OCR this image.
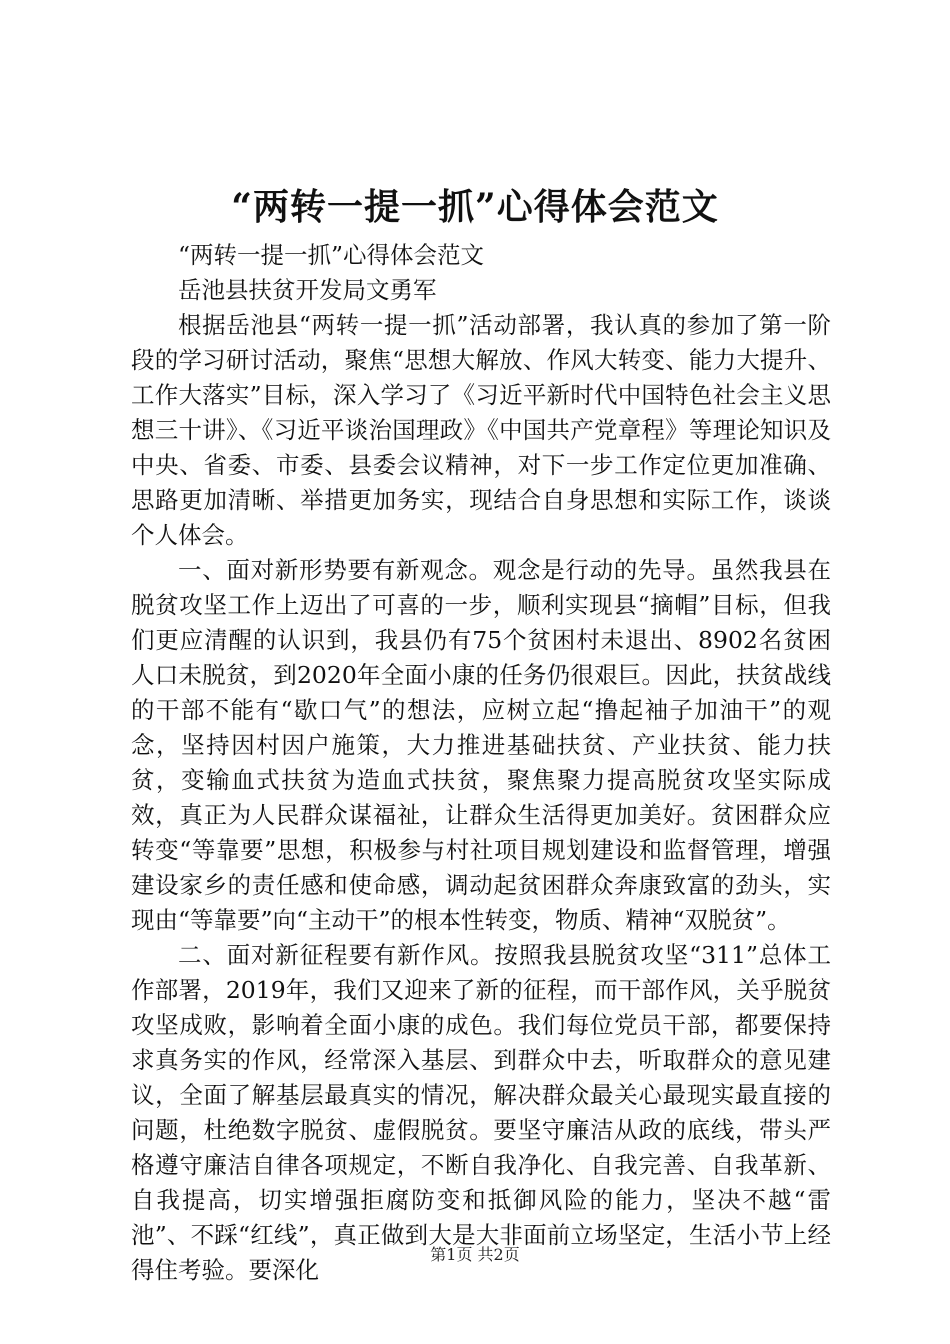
“两转一提一抓”心得体会范文

“两转一提一抓”心得体会范文

岳池县扶贫开发局文勇军

根据岳池县“两转一提一抓”活动部署，我认真的参加了第一阶段的学习研讨活动，聚焦“思想大解放、作风大转变、能力大提升、工作大落实”目标，深入学习了《习近平新时代中国特色社会主义思想三十讲》、《习近平谈治国理政》《中国共产党章程》等理论知识及中央、省委、市委、县委会议精神，对下一步工作定位更加准确、思路更加清晰、举措更加务实，现结合自身思想和实际工作，谈谈个人体会。

一、面对新形势要有新观念。观念是行动的先导。虽然我县在脱贫攻坚工作上迈出了可喜的一步，顺利实现县“摘帽”目标，但我们更应清醒的认识到，我县仍有75个贫困村未退出、8902名贫困人口未脱贫，到2020年全面小康的任务仍很艰巨。因此，扶贫战线的干部不能有“歇口气”的想法，应树立起“撸起袖子加油干”的观念，坚持因村因户施策，大力推进基础扶贫、产业扶贫、能力扶贫，变输血式扶贫为造血式扶贫，聚焦聚力提高脱贫攻坚实际成效，真正为人民群众谋福祉，让群众生活得更加美好。贫困群众应转变“等靠要”思想，积极参与村社项目规划建设和监督管理，增强建设家乡的责任感和使命感，调动起贫困群众奔康致富的劲头，实现由“等靠要”向“主动干”的根本性转变，物质、精神“双脱贫”。

二、面对新征程要有新作风。按照我县脱贫攻坚“311”总体工作部署，2019年，我们又迎来了新的征程，而干部作风，关乎脱贫攻坚成败，影响着全面小康的成色。我们每位党员干部，都要保持求真务实的作风，经常深入基层、到群众中去，听取群众的意见建议，全面了解基层最真实的情况，解决群众最关心最现实最直接的问题，杜绝数字脱贫、虚假脱贫。要坚守廉洁从政的底线，带头严格遵守廉洁自律各项规定，不断自我净化、自我完善、自我革新、自我提高，切实增强拒腐防变和抵御风险的能力，坚决不越“雷池”、不踩“红线”，真正做到大是大非面前立场坚定，生活小节上经得住考验。要深化

第1页 共2页
